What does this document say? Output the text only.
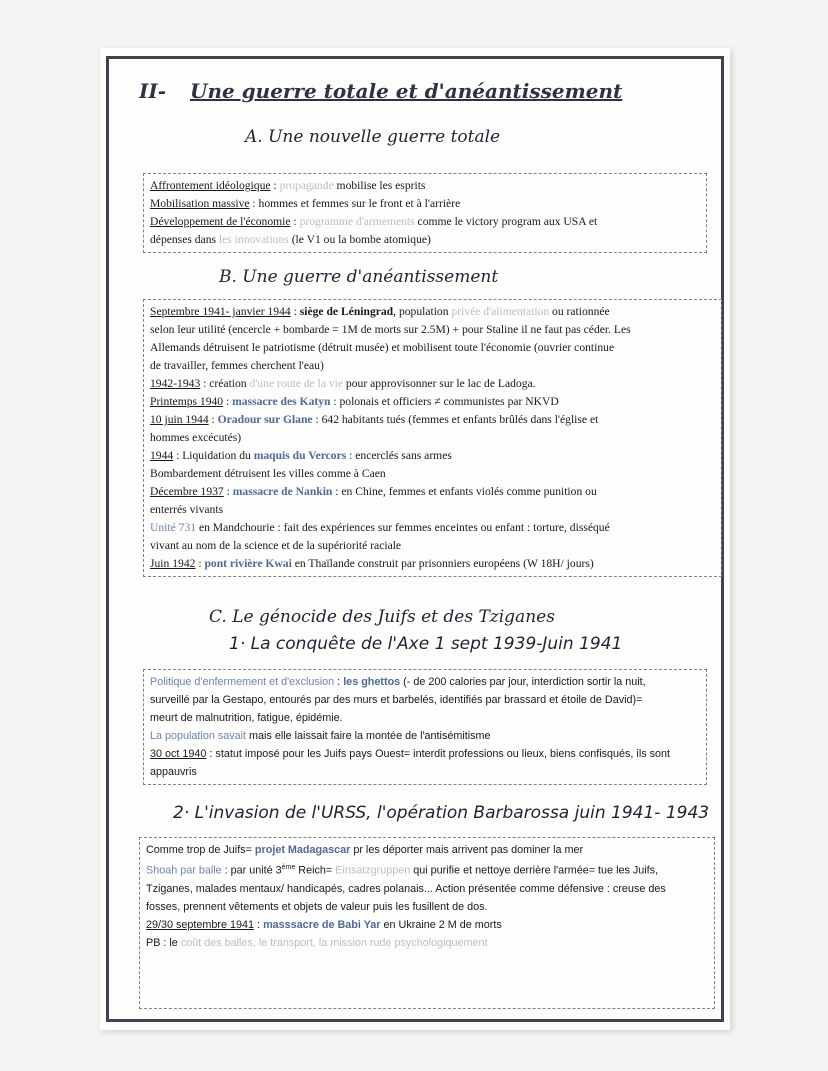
II- Une guerre totale et d'anéantissement
A. Une nouvelle guerre totale
Affrontement idéologique : propagande mobilise les esprits
Mobilisation massive : hommes et femmes sur le front et à l'arrière
Développement de l'économie : programme d'armements comme le victory program aux USA et
dépenses dans les innovations (le V1 ou la bombe atomique)
B. Une guerre d'anéantissement
Septembre 1941- janvier 1944 : siège de Léningrad, population privée d'alimentation ou rationnée
selon leur utilité (encercle + bombarde = 1M de morts sur 2.5M) + pour Staline il ne faut pas céder. Les
Allemands détruisent le patriotisme (détruit musée) et mobilisent toute l'économie (ouvrier continue
de travailler, femmes cherchent l'eau)
1942-1943 : création d'une route de la vie pour approvisonner sur le lac de Ladoga.
Printemps 1940 : massacre des Katyn : polonais et officiers ≠ communistes par NKVD
10 juin 1944 : Oradour sur Glane : 642 habitants tués (femmes et enfants brûlés dans l'église et
hommes excécutés)
1944 : Liquidation du maquis du Vercors : encerclés sans armes
Bombardement détruisent les villes comme à Caen
Décembre 1937 : massacre de Nankin : en Chine, femmes et enfants violés comme punition ou
enterrés vivants
Unité 731 en Mandchourie : fait des expériences sur femmes enceintes ou enfant : torture, disséqué
vivant au nom de la science et de la supériorité raciale
Juin 1942 : pont rivière Kwai en Thaïlande construit par prisonniers européens (W 18H/ jours)
C. Le génocide des Juifs et des Tziganes
1· La conquête de l'Axe 1 sept 1939-Juin 1941
Politique d'enfermement et d'exclusion : les ghettos (- de 200 calories par jour, interdiction sortir la nuit,
surveillé par la Gestapo, entourés par des murs et barbelés, identifiés par brassard et étoile de David)=
meurt de malnutrition, fatigue, épidémie.
La population savait mais elle laissait faire la montée de l'antisémitisme
30 oct 1940 : statut imposé pour les Juifs pays Ouest= interdit professions ou lieux, biens confisqués, ils sont
appauvris
2· L'invasion de l'URSS, l'opération Barbarossa juin 1941- 1943
Comme trop de Juifs= projet Madagascar pr les déporter mais arrivent pas dominer la mer
Shoah par balle : par unité 3ème Reich= Einsatzgruppen qui purifie et nettoye derrière l'armée= tue les Juifs,
Tziganes, malades mentaux/ handicapés, cadres polanais... Action présentée comme défensive : creuse des
fosses, prennent vêtements et objets de valeur puis les fusillent de dos.
29/30 septembre 1941 : masssacre de Babi Yar en Ukraine 2 M de morts
PB : le coût des balles, le transport, la mission rude psychologiquement
